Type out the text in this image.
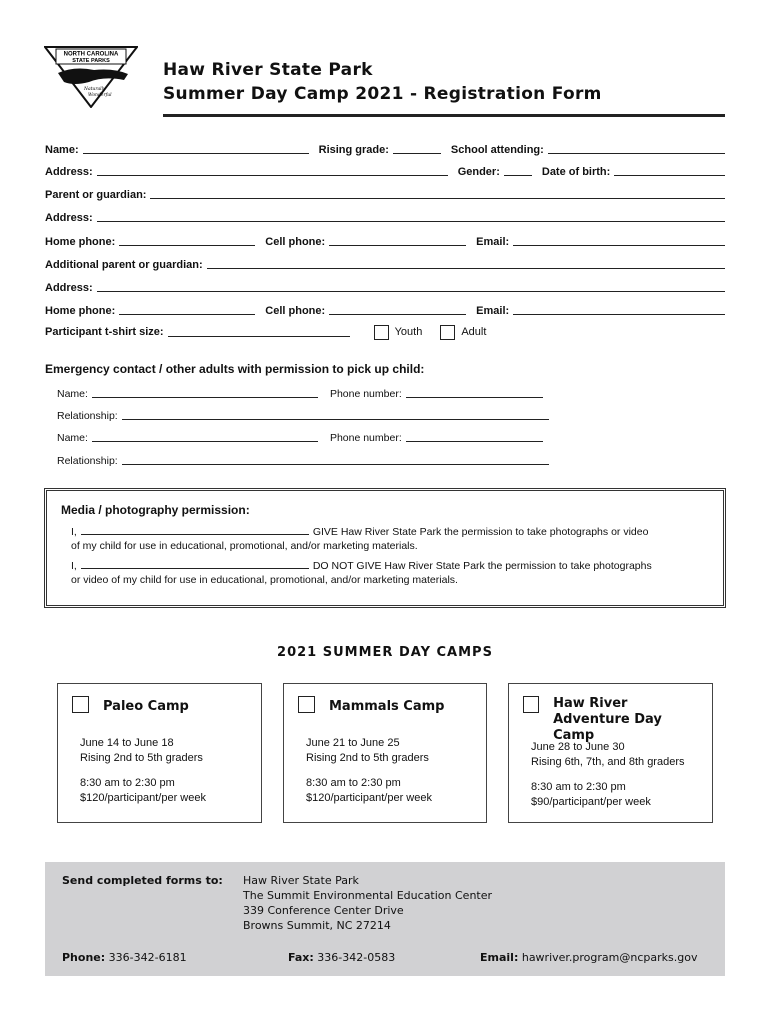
NORTH CAROLINA
STATE PARKS
Naturally
Wonderful
Haw River State Park
Summer Day Camp 2021 - Registration Form
Name:	Rising grade:	School attending:
Address:	Gender:	Date of birth:
Parent or guardian:
Address:
Home phone:	Cell phone:	Email:
Additional parent or guardian:
Address:
Home phone:	Cell phone:	Email:
Participant t-shirt size:	Youth	Adult
Emergency contact / other adults with permission to pick up child:
Name:	Phone number:
Relationship:
Name:	Phone number:
Relationship:
Media / photography permission:
I,	GIVE Haw River State Park the permission to take photographs or video
of my child for use in educational, promotional, and/or marketing materials.
I,	DO NOT GIVE Haw River State Park the permission to take photographs
or video of my child for use in educational, promotional, and/or marketing materials.
2021 SUMMER DAY CAMPS
Paleo Camp

June 14 to June 18
Rising 2nd to 5th graders

8:30 am to 2:30 pm
$120/participant/per week

Mammals Camp

June 21 to June 25
Rising 2nd to 5th graders

8:30 am to 2:30 pm
$120/participant/per week

Haw River
Adventure Day Camp

June 28 to June 30
Rising 6th, 7th, and 8th graders

8:30 am to 2:30 pm
$90/participant/per week

Send completed forms to: Haw River State Park
The Summit Environmental Education Center
339 Conference Center Drive
Browns Summit, NC 27214
Phone: 336-342-6181	Fax: 336-342-0583	Email: hawriver.program@ncparks.gov
